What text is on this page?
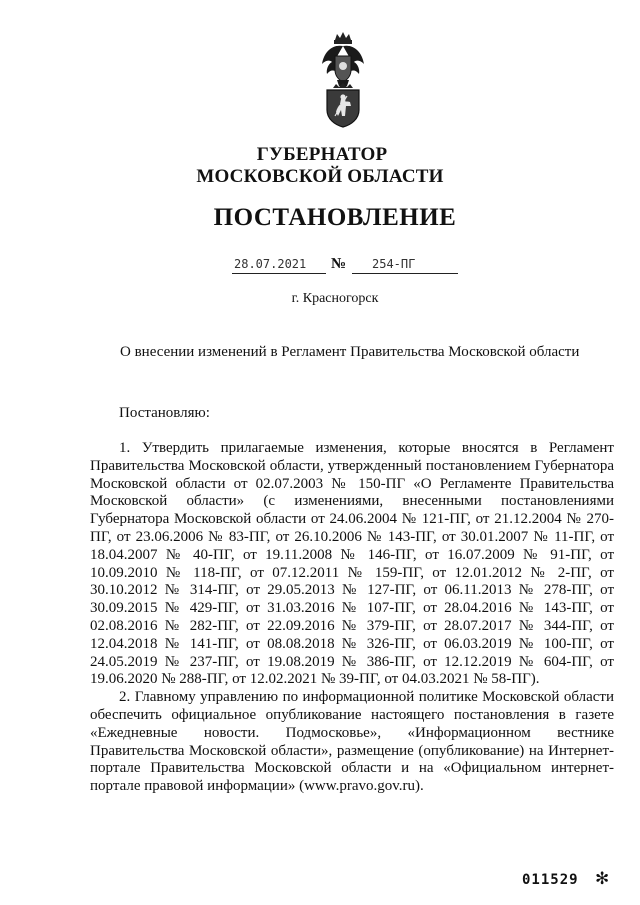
ГУБЕРНАТОР
МОСКОВСКОЙ ОБЛАСТИ
ПОСТАНОВЛЕНИЕ
28.07.2021	№	254-ПГ
г. Красногорск
О внесении изменений в Регламент Правительства Московской области
Постановляю:

1. Утвердить прилагаемые изменения, которые вносятся в Регламент Правительства Московской области, утвержденный постановлением Губернатора Московской области от 02.07.2003 № 150-ПГ «О Регламенте Правительства Московской области» (с изменениями, внесенными постановлениями Губернатора Московской области от 24.06.2004 № 121-ПГ, от 21.12.2004 № 270-ПГ, от 23.06.2006 № 83-ПГ, от 26.10.2006 № 143-ПГ, от 30.01.2007 № 11-ПГ, от 18.04.2007 № 40-ПГ, от 19.11.2008 № 146-ПГ, от 16.07.2009 № 91-ПГ, от 10.09.2010 № 118-ПГ, от 07.12.2011 № 159-ПГ, от 12.01.2012 № 2-ПГ, от 30.10.2012 № 314-ПГ, от 29.05.2013 № 127-ПГ, от 06.11.2013 № 278-ПГ, от 30.09.2015 № 429-ПГ, от 31.03.2016 № 107-ПГ, от 28.04.2016 № 143-ПГ, от 02.08.2016 № 282-ПГ, от 22.09.2016 № 379-ПГ, от 28.07.2017 № 344-ПГ, от 12.04.2018 № 141-ПГ, от 08.08.2018 № 326-ПГ, от 06.03.2019 № 100-ПГ, от 24.05.2019 № 237-ПГ, от 19.08.2019 № 386-ПГ, от 12.12.2019 № 604-ПГ, от 19.06.2020 № 288-ПГ, от 12.02.2021 № 39-ПГ, от 04.03.2021 № 58-ПГ).

2. Главному управлению по информационной политике Московской области обеспечить официальное опубликование настоящего постановления в газете «Ежедневные новости. Подмосковье», «Информационном вестнике Правительства Московской области», размещение (опубликование) на Интернет-портале Правительства Московской области и на «Официальном интернет-портале правовой информации» (www.pravo.gov.ru).

011529 ✻
